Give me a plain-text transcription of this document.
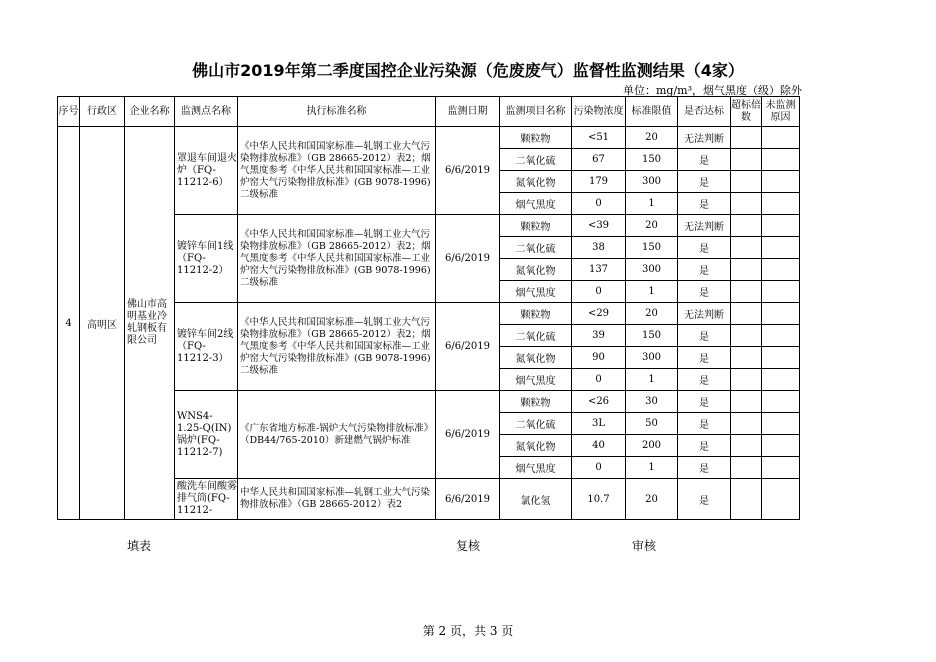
佛山市2019年第二季度国控企业污染源（危废废气）监督性监测结果（4家）
单位：mg/m³，烟气黑度（级）除外
序号	行政区	企业名称	监测点名称	执行标准名称	监测日期	监测项目名称	污染物浓度	标准限值	是否达标	超标倍数	未监测原因
4	高明区	佛山市高明基业冷轧钢板有限公司	罩退车间退火炉（FQ-11212-6）	《中华人民共和国国家标准—轧钢工业大气污染物排放标准》（GB 28665-2012）表2；烟气黑度参考《中华人民共和国国家标准—工业炉窑大气污染物排放标准》(GB 9078-1996)二级标准	6/6/2019	颗粒物	<51	20	无法判断		
						二氧化硫	67	150	是		
						氮氧化物	179	300	是		
						烟气黑度	0	1	是		
			镀锌车间1线（FQ-11212-2）	《中华人民共和国国家标准—轧钢工业大气污染物排放标准》（GB 28665-2012）表2；烟气黑度参考《中华人民共和国国家标准—工业炉窑大气污染物排放标准》(GB 9078-1996)二级标准	6/6/2019	颗粒物	<39	20	无法判断		
						二氧化硫	38	150	是		
						氮氧化物	137	300	是		
						烟气黑度	0	1	是		
			镀锌车间2线（FQ-11212-3）	《中华人民共和国国家标准—轧钢工业大气污染物排放标准》（GB 28665-2012）表2；烟气黑度参考《中华人民共和国国家标准—工业炉窑大气污染物排放标准》(GB 9078-1996)二级标准	6/6/2019	颗粒物	<29	20	无法判断		
						二氧化硫	39	150	是		
						氮氧化物	90	300	是		
						烟气黑度	0	1	是		
			WNS4-1.25-Q(IN)锅炉(FQ-11212-7)	《广东省地方标准-锅炉大气污染物排放标准》（DB44/765-2010）新建燃气锅炉标准	6/6/2019	颗粒物	<26	30	是		
						二氧化硫	3L	50	是		
						氮氧化物	40	200	是		
						烟气黑度	0	1	是		
			酸洗车间酸雾排气筒(FQ-11212-	中华人民共和国国家标准—轧钢工业大气污染物排放标准》（GB 28665-2012）表2	6/6/2019	氯化氢	10.7	20	是		
填表	复核	审核
第 2 页，共 3 页
